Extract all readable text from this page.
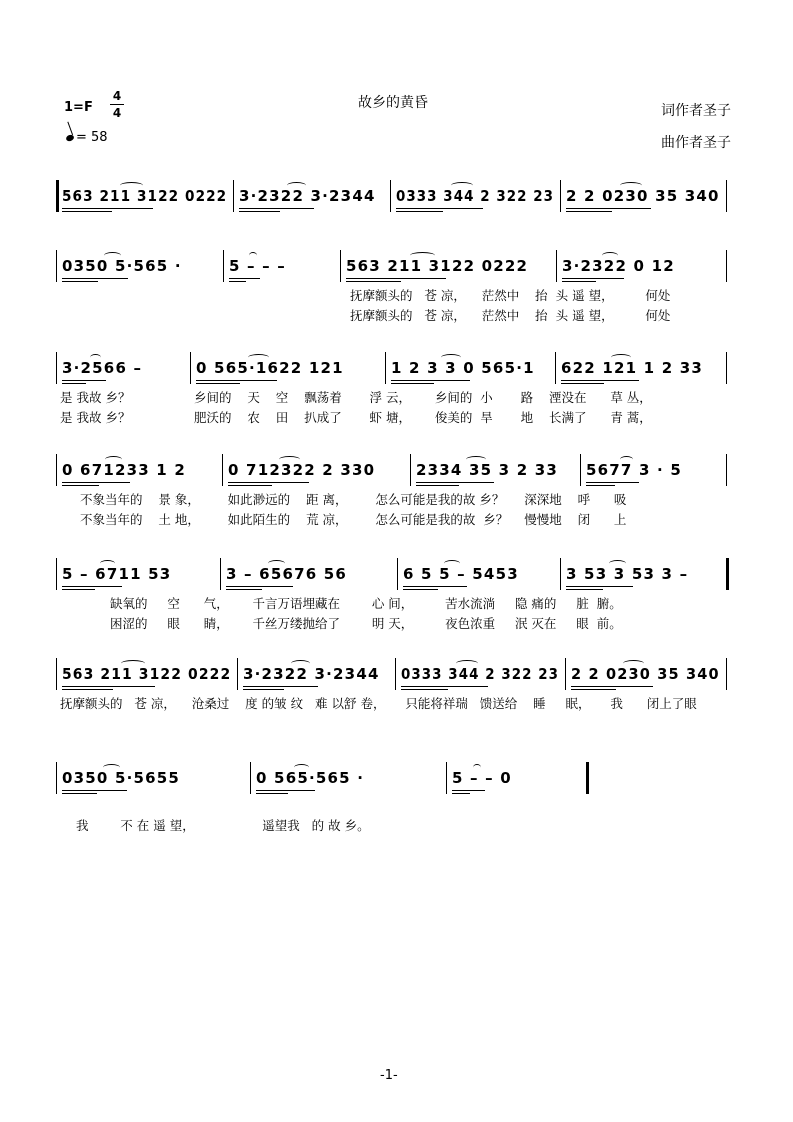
故乡的黄昏
1=F
4
4
= 58
词作者圣子
曲作者圣子
563 211 3122 0222 3·2322 3·2344 0333 344 2 322 23 2 2 0230 35 340
0350 5·565 ·	5 – – –	563 211 3122 0222 3·2322 0 12
抚摩额头的   苍 凉，    茫然中    抬  头 遥 望，        何处
抚摩额头的   苍 凉，    茫然中    抬  头 遥 望，        何处
3·2566 –	0 565·1622 121	1 2 3 3 0 565·1 622 121 1 2 33
是 我故 乡？                乡间的    天    空    飘荡着       浮 云，      乡间的  小       路    湮没在      草 丛，
是 我故 乡？                肥沃的    农    田    扒成了       虾 塘，      俊美的  旱       地    长满了      青 蒿，
0 671233 1 2	0 712322 2 330	2334 35 3 2 33 5677 3 · 5
不象当年的    景 象，       如此渺远的    距 离，       怎么可能是我的故 乡？     深深地    呼      吸
不象当年的    土 地，       如此陌生的    荒 凉，       怎么可能是我的故  乡？    慢慢地    闭      上
5 – 6711 53	3 – 65676 56	6 5 5 – 5453	3 53 3 53 3 –
缺氧的     空      气，      千言万语埋藏在        心 间，        苦水流淌     隐 痛的     脏  腑。
困涩的     眼      睛，      千丝万缕抛给了        明 天，        夜色浓重     泯 灭在     眼  前。
563 211 3122 0222 3·2322 3·2344 0333 344 2 322 23 2 2 0230 35 340
抚摩额头的   苍 凉，    沧桑过    度 的皱 纹   难 以舒 卷，     只能将祥瑞   馈送给    睡     眠，     我      闭上了眼
0350 5·5655	0 565·565 ·	5 – – 0
我        不 在 遥 望，                 遥望我   的 故 乡。
-1-
